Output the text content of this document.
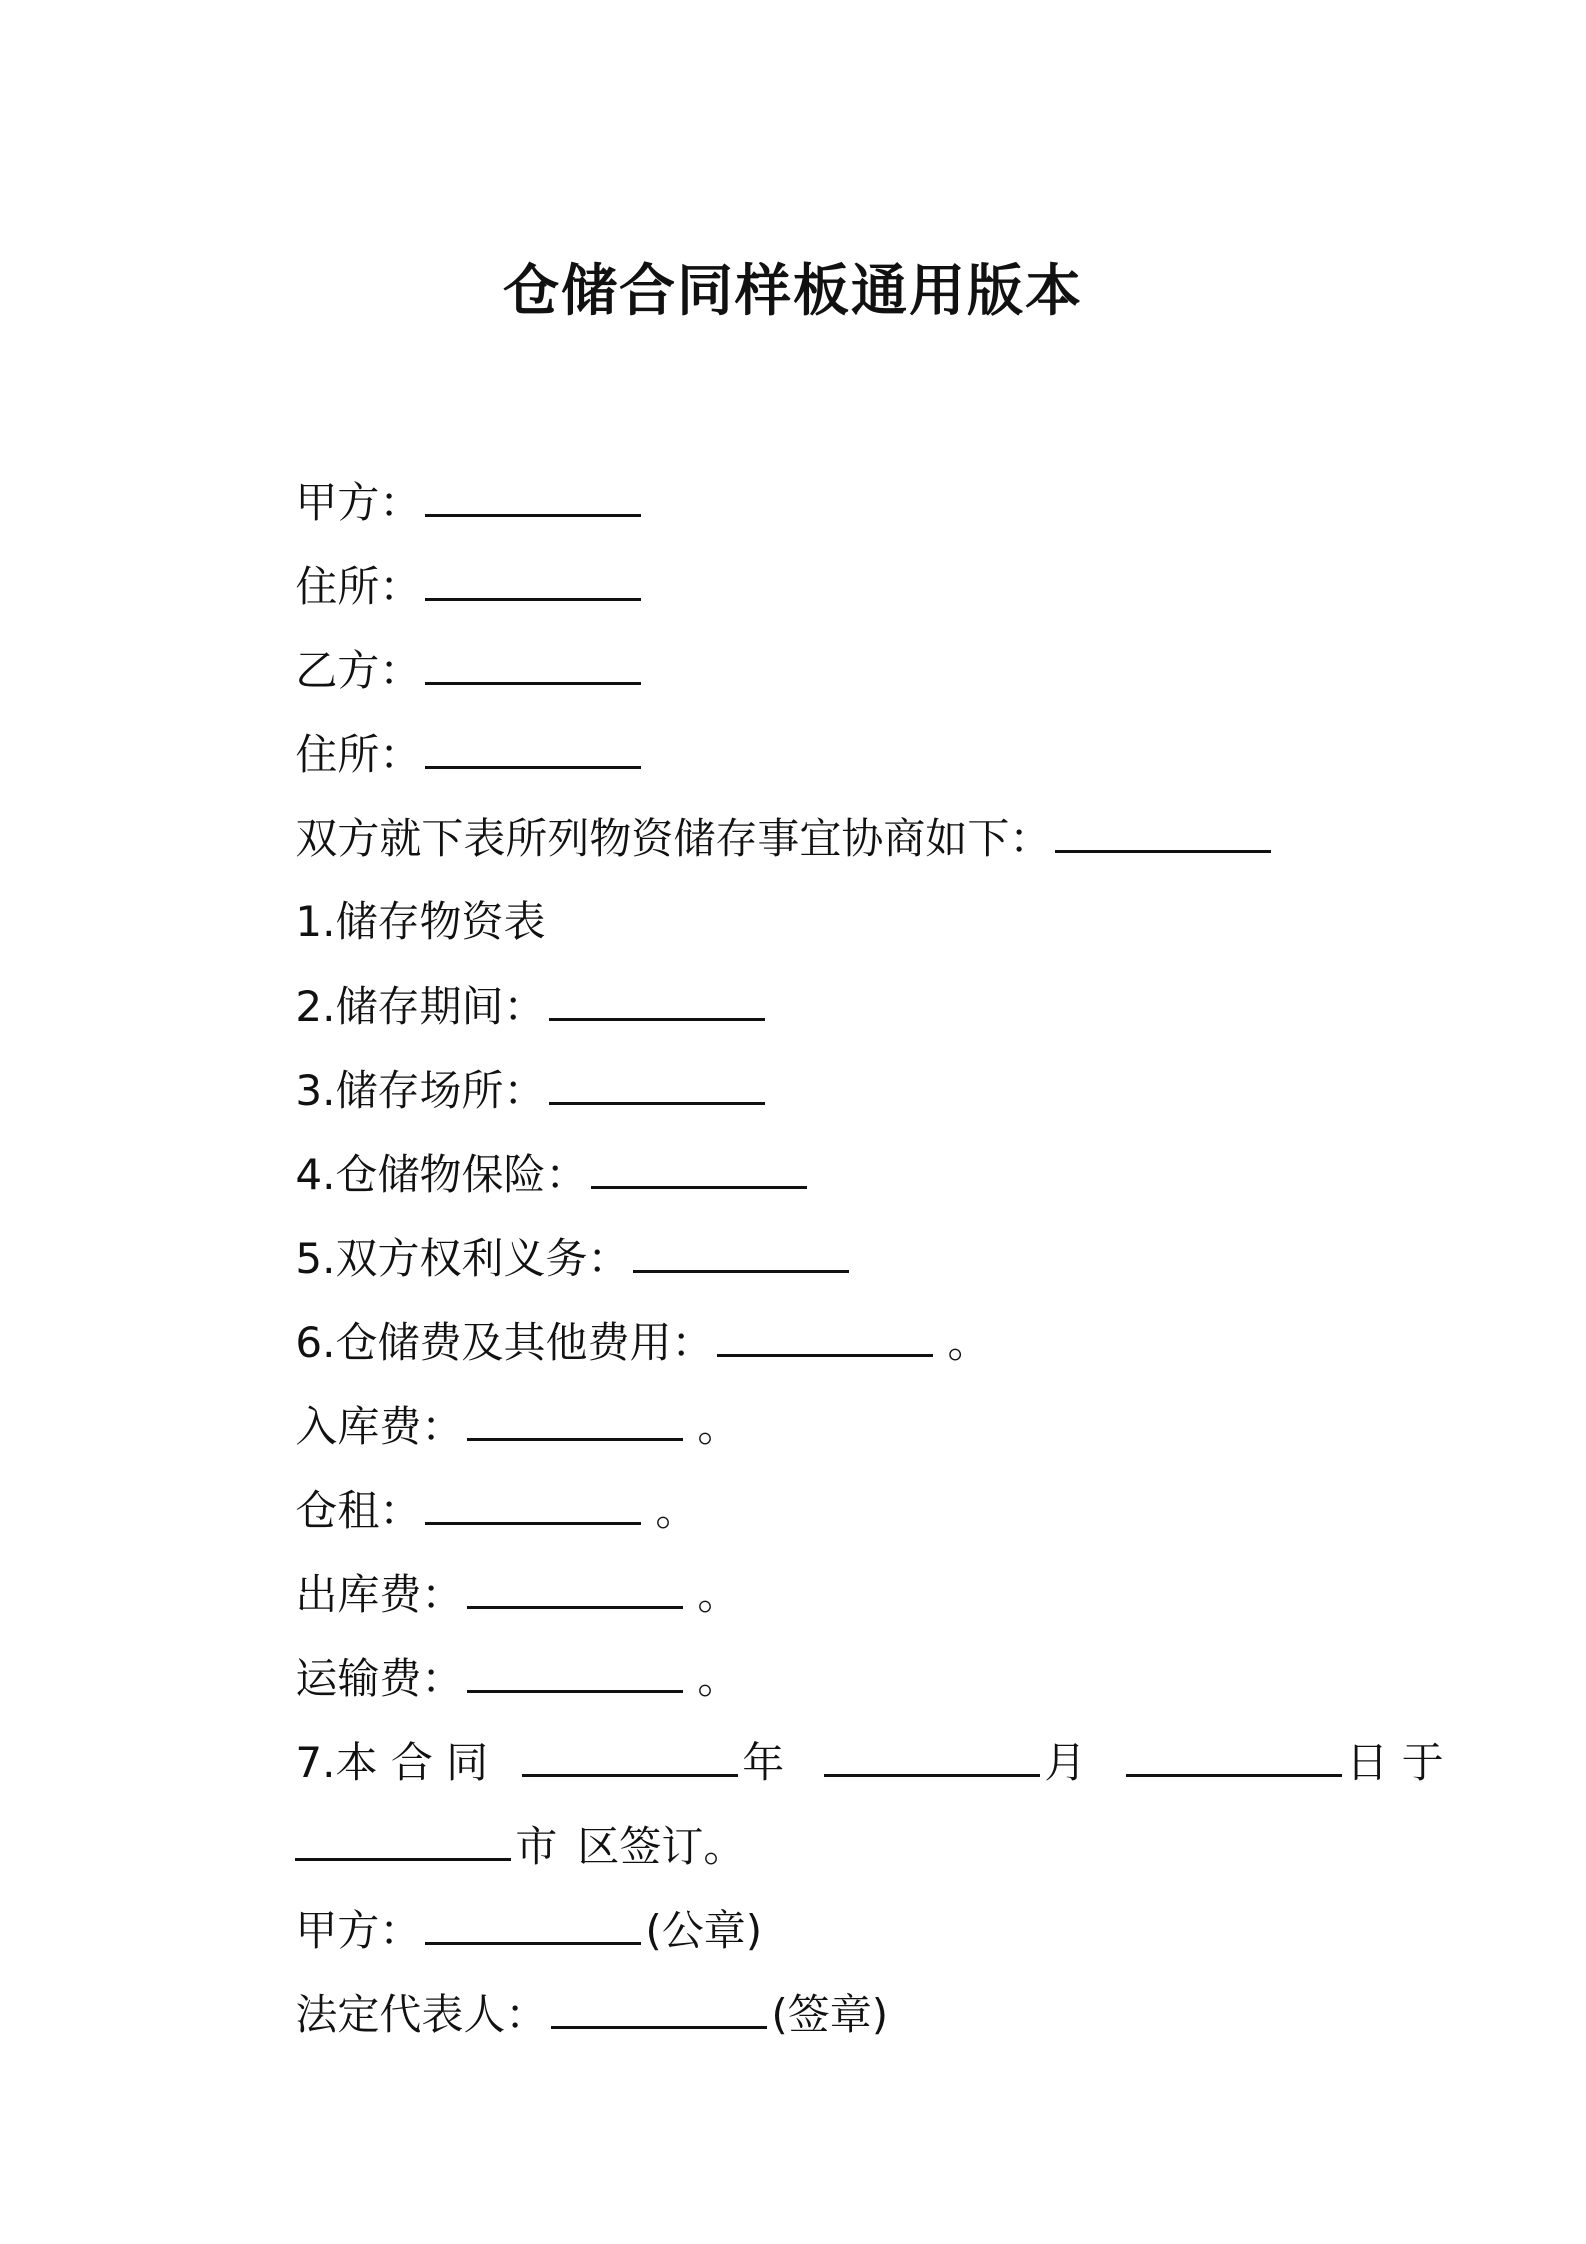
仓储合同样板通用版本

甲方：

住所：

乙方：

住所：

双方就下表所列物资储存事宜协商如下：

1.储存物资表

2.储存期间：

3.储存场所：

4.仓储物保险：

5.双方权利义务：

6.仓储费及其他费用：	。

入库费：	。

仓租：	。

出库费：	。

运输费：	。

7.本 合 同	年	月	日 于

市 区签订。

甲方：	(公章)

法定代表人：	(签章)
